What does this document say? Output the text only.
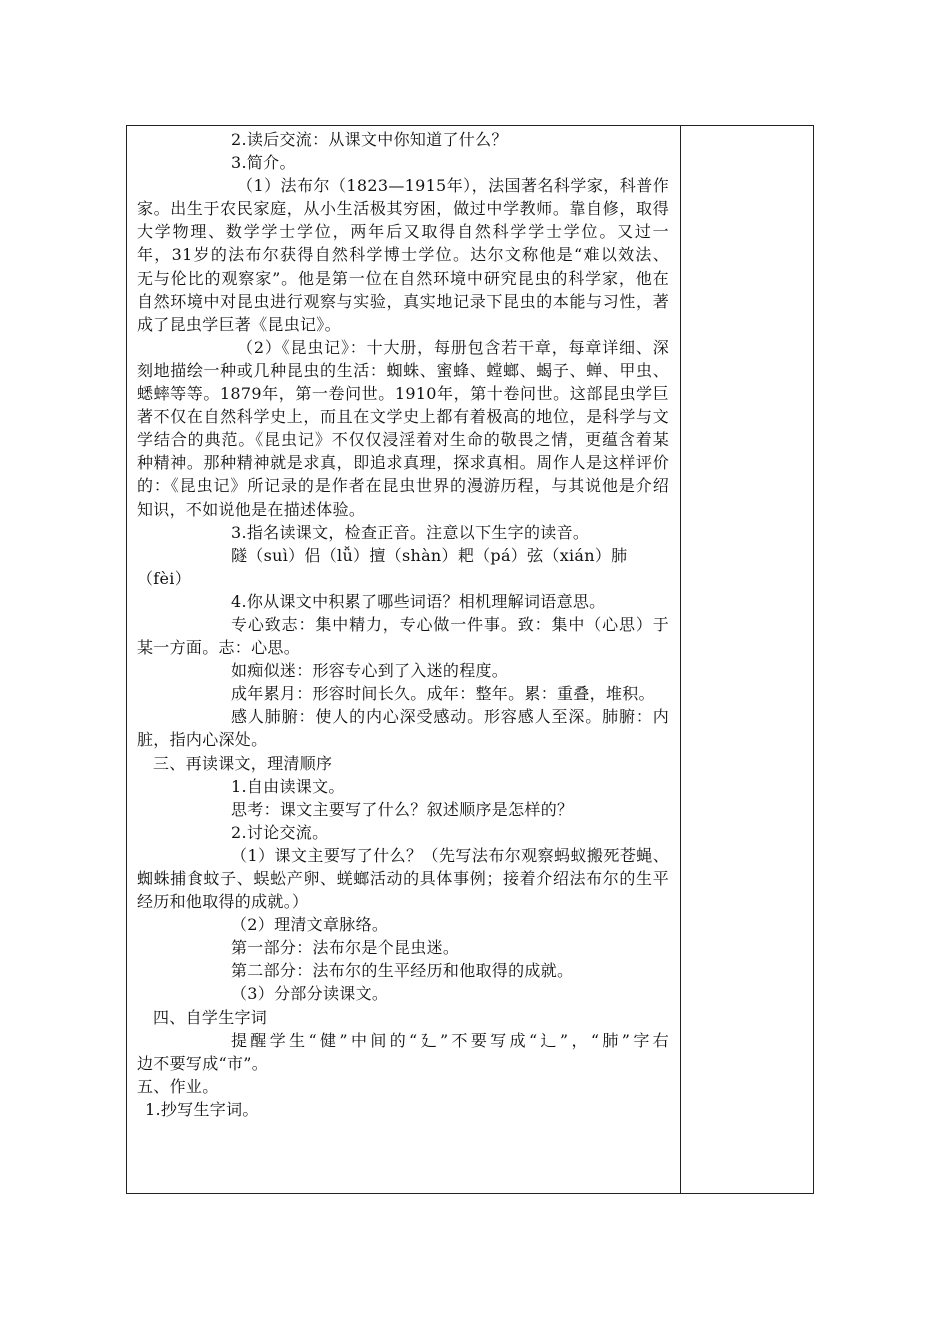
2.读后交流：从课文中你知道了什么？

3.简介。

（1）法布尔（1823—1915年），法国著名科学家，科普作

家。出生于农民家庭，从小生活极其穷困，做过中学教师。靠自修，取得

大学物理、数学学士学位，两年后又取得自然科学学士学位。又过一

年，31岁的法布尔获得自然科学博士学位。达尔文称他是“难以效法、

无与伦比的观察家”。他是第一位在自然环境中研究昆虫的科学家，他在

自然环境中对昆虫进行观察与实验，真实地记录下昆虫的本能与习性，著

成了昆虫学巨著《昆虫记》。

（2）《昆虫记》：十大册，每册包含若干章，每章详细、深

刻地描绘一种或几种昆虫的生活：蜘蛛、蜜蜂、螳螂、蝎子、蝉、甲虫、

蟋蟀等等。1879年，第一卷问世。1910年，第十卷问世。这部昆虫学巨

著不仅在自然科学史上，而且在文学史上都有着极高的地位，是科学与文

学结合的典范。《昆虫记》不仅仅浸淫着对生命的敬畏之情，更蕴含着某

种精神。那种精神就是求真，即追求真理，探求真相。周作人是这样评价

的：《昆虫记》所记录的是作者在昆虫世界的漫游历程，与其说他是介绍

知识，不如说他是在描述体验。

3.指名读课文，检查正音。注意以下生字的读音。

隧（suì）侣（lǚ）擅（shàn）耙（pá）弦（xián）肺

（fèi）

4.你从课文中积累了哪些词语？相机理解词语意思。

专心致志：集中精力，专心做一件事。致：集中（心思）于

某一方面。志：心思。

如痴似迷：形容专心到了入迷的程度。

成年累月：形容时间长久。成年：整年。累：重叠，堆积。

感人肺腑：使人的内心深受感动。形容感人至深。肺腑：内

脏，指内心深处。

三、再读课文，理清顺序

1.自由读课文。

思考：课文主要写了什么？叙述顺序是怎样的？

2.讨论交流。

（1）课文主要写了什么？（先写法布尔观察蚂蚁搬死苍蝇、

蜘蛛捕食蚊子、蜈蚣产卵、蜣螂活动的具体事例；接着介绍法布尔的生平

经历和他取得的成就。）

（2）理清文章脉络。

第一部分：法布尔是个昆虫迷。

第二部分：法布尔的生平经历和他取得的成就。

（3）分部分读课文。

四、自学生字词

提醒学生“健”中间的“廴”不要写成“辶”，“肺”字右

边不要写成“市”。

五、作业。

1.抄写生字词。
